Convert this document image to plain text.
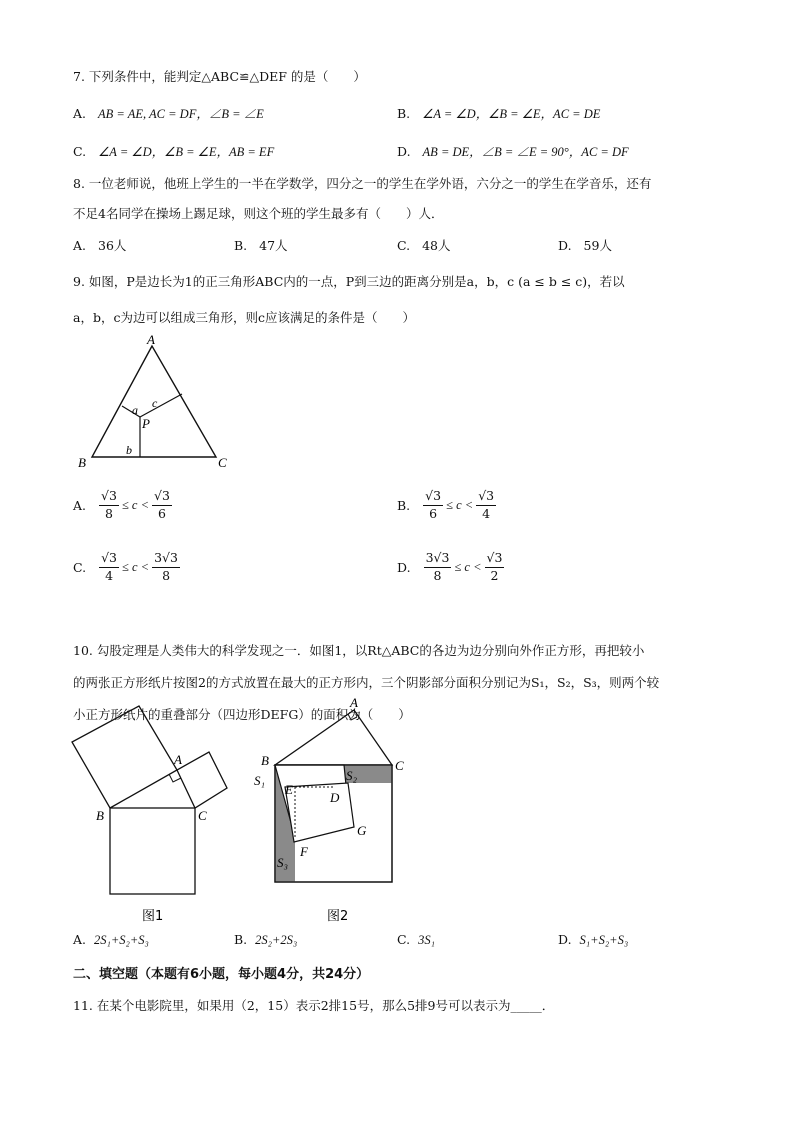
7. 下列条件中，能判定△ABC≌△DEF 的是（　　）
A. AB = AE, AC = DF，∠B = ∠E	B. ∠A = ∠D，∠B = ∠E，AC = DE
C. ∠A = ∠D，∠B = ∠E，AB = EF	D. AB = DE，∠B = ∠E = 90°，AC = DF
8. 一位老师说，他班上学生的一半在学数学，四分之一的学生在学外语，六分之一的学生在学音乐，还有
不足4名同学在操场上踢足球，则这个班的学生最多有（　　）人．
A. 36人	B. 47人	C. 48人	D. 59人
9. 如图，P是边长为1的正三角形ABC内的一点，P到三边的距离分别是a，b，c (a ≤ b ≤ c)，若以
a，b，c为边可以组成三角形，则c应该满足的条件是（　　）
A
B	C
P
a
b
c
A. $\frac{√3}{8} \le c < \frac{√3}{6}$	B. $\frac{√3}{6} \le c < \frac{√3}{4}$
C. $\frac{√3}{4} \le c < \frac{3√3}{8}$	D. $\frac{3√3}{8} \le c < \frac{√3}{2}$
10. 勾股定理是人类伟大的科学发现之一．如图1，以Rt△ABC的各边为边分别向外作正方形，再把较小
的两张正方形纸片按图2的方式放置在最大的正方形内，三个阴影部分面积分别记为S₁，S₂，S₃，则两个较
小正方形纸片的重叠部分（四边形DEFG）的面积为（　　）
A
B	C
图1
A
B	C
S₁	S₂
S₃
E
D
F
G
图2
A. 2S₁+S₂+S₃	B. 2S₂+2S₃	C. 3S₁	D. S₁+S₂+S₃
二、填空题（本题有6小题，每小题4分，共24分）
11. 在某个电影院里，如果用（2，15）表示2排15号，那么5排9号可以表示为_____．
